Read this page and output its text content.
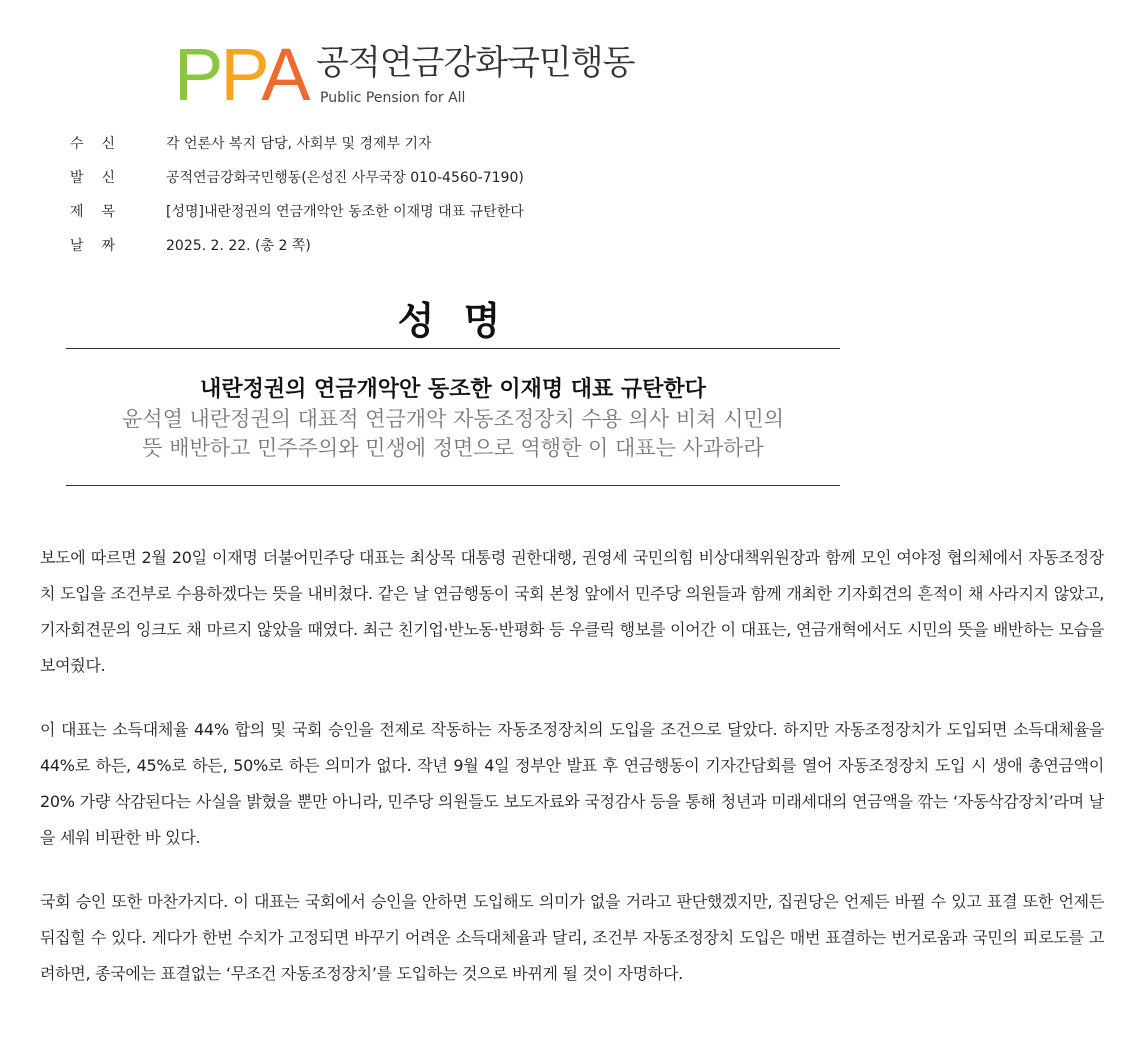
PPA 공적연금강화국민행동
Public Pension for All
수신 각 언론사 복지 담당, 사회부 및 경제부 기자
발신 공적연금강화국민행동(은성진 사무국장 010-4560-7190)
제목 [성명]내란정권의 연금개악안 동조한 이재명 대표 규탄한다
날짜 2025. 2. 22. (총 2 쪽)
성 명
내란정권의 연금개악안 동조한 이재명 대표 규탄한다
윤석열 내란정권의 대표적 연금개악 자동조정장치 수용 의사 비쳐 시민의
뜻 배반하고 민주주의와 민생에 정면으로 역행한 이 대표는 사과하라

보도에 따르면 2월 20일 이재명 더불어민주당 대표는 최상목 대통령 권한대행, 권영세 국민의힘 비상대책위원장과 함께 모인 여야정 협의체에서 자동조정장치 도입을 조건부로 수용하겠다는 뜻을 내비쳤다. 같은 날 연금행동이 국회 본청 앞에서 민주당 의원들과 함께 개최한 기자회견의 흔적이 채 사라지지 않았고, 기자회견문의 잉크도 채 마르지 않았을 때였다. 최근 친기업·반노동·반평화 등 우클릭 행보를 이어간 이 대표는, 연금개혁에서도 시민의 뜻을 배반하는 모습을 보여줬다.

이 대표는 소득대체율 44% 합의 및 국회 승인을 전제로 작동하는 자동조정장치의 도입을 조건으로 달았다. 하지만 자동조정장치가 도입되면 소득대체율을 44%로 하든, 45%로 하든, 50%로 하든 의미가 없다. 작년 9월 4일 정부안 발표 후 연금행동이 기자간담회를 열어 자동조정장치 도입 시 생애 총연금액이 20% 가량 삭감된다는 사실을 밝혔을 뿐만 아니라, 민주당 의원들도 보도자료와 국정감사 등을 통해 청년과 미래세대의 연금액을 깎는 ‘자동삭감장치’라며 날을 세워 비판한 바 있다.

국회 승인 또한 마찬가지다. 이 대표는 국회에서 승인을 안하면 도입해도 의미가 없을 거라고 판단했겠지만, 집권당은 언제든 바뀔 수 있고 표결 또한 언제든 뒤집힐 수 있다. 게다가 한번 수치가 고정되면 바꾸기 어려운 소득대체율과 달리, 조건부 자동조정장치 도입은 매번 표결하는 번거로움과 국민의 피로도를 고려하면, 종국에는 표결없는 ‘무조건 자동조정장치’를 도입하는 것으로 바뀌게 될 것이 자명하다.
